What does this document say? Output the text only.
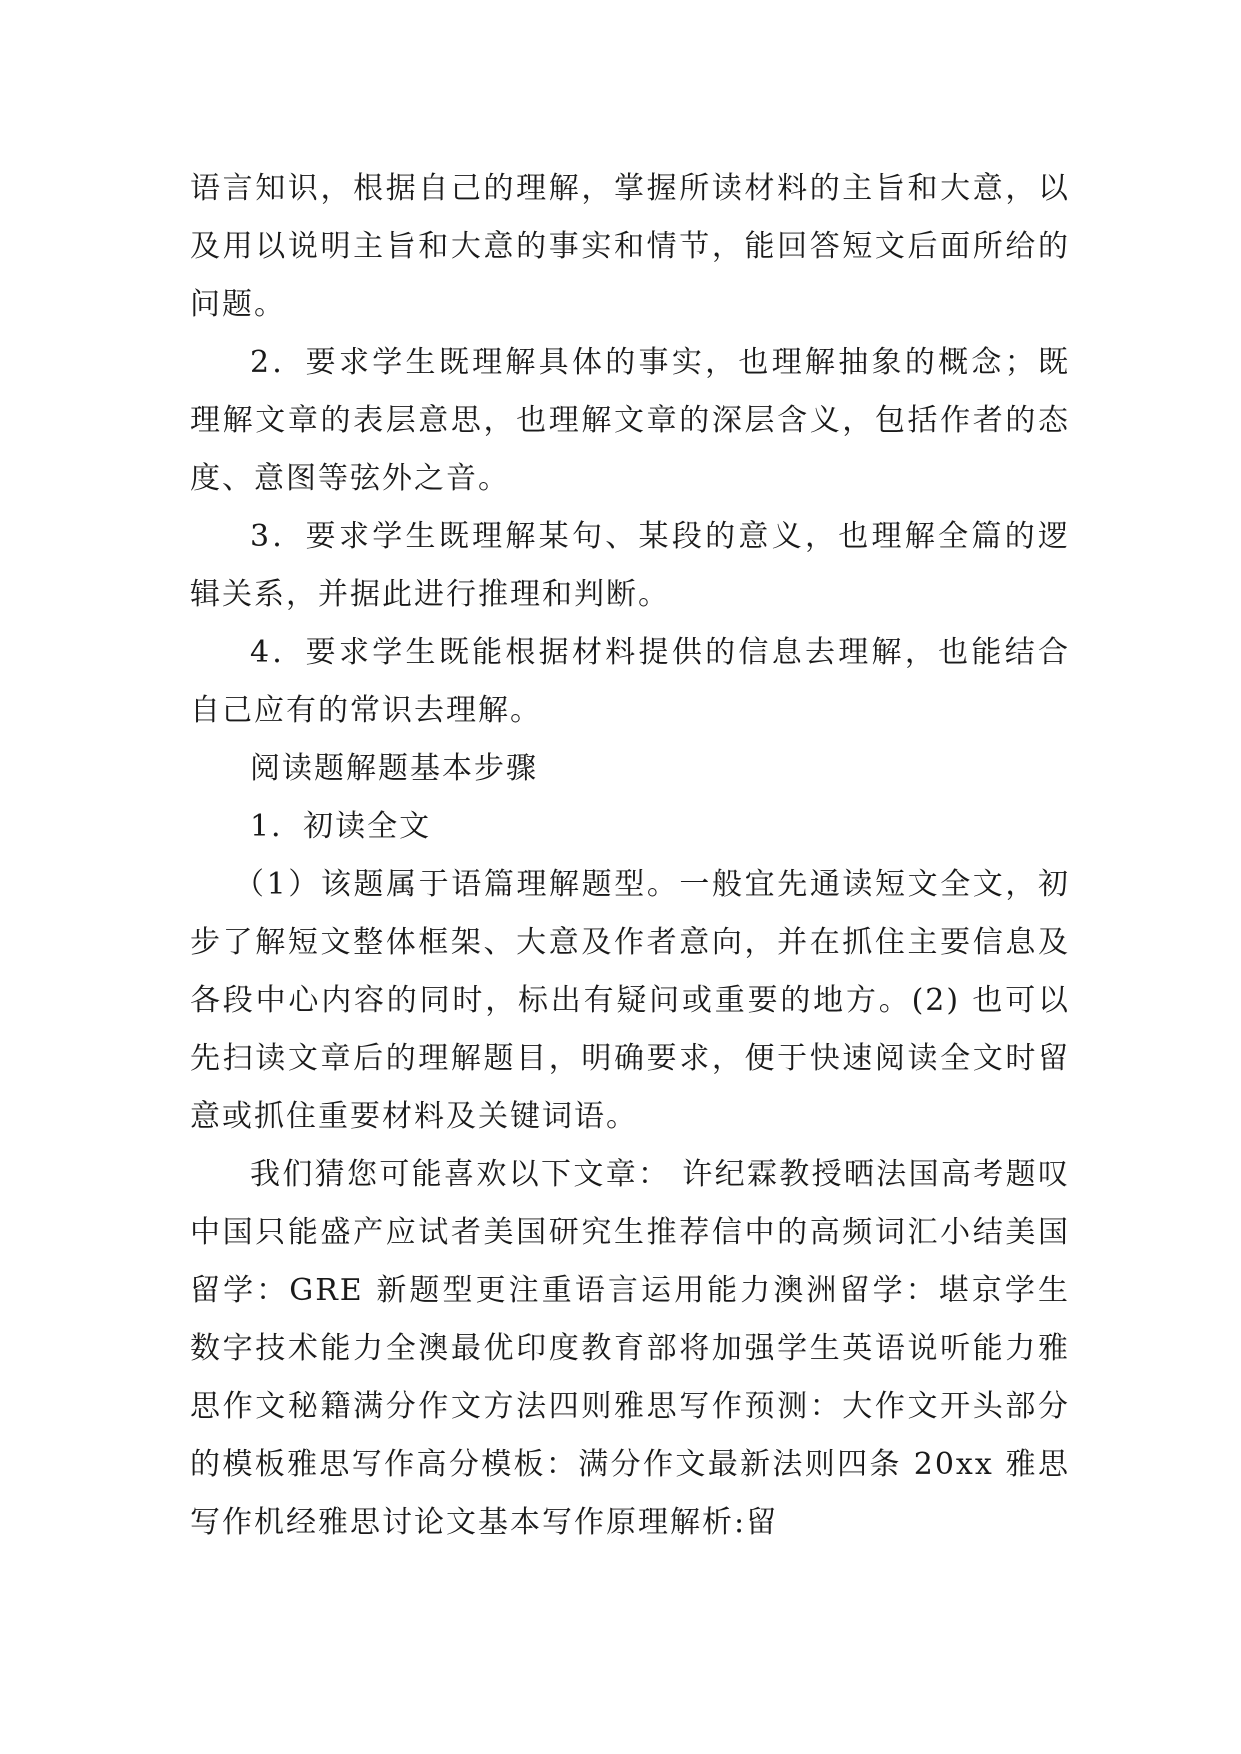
语言知识，根据自己的理解，掌握所读材料的主旨和大意，以及用以说明主旨和大意的事实和情节，能回答短文后面所给的问题。

2．要求学生既理解具体的事实，也理解抽象的概念；既理解文章的表层意思，也理解文章的深层含义，包括作者的态度、意图等弦外之音。

3．要求学生既理解某句、某段的意义，也理解全篇的逻辑关系，并据此进行推理和判断。

4．要求学生既能根据材料提供的信息去理解，也能结合自己应有的常识去理解。

阅读题解题基本步骤

1．初读全文

（1）该题属于语篇理解题型。一般宜先通读短文全文，初步了解短文整体框架、大意及作者意向，并在抓住主要信息及各段中心内容的同时，标出有疑问或重要的地方。(2) 也可以先扫读文章后的理解题目，明确要求，便于快速阅读全文时留意或抓住重要材料及关键词语。

我们猜您可能喜欢以下文章： 许纪霖教授晒法国高考题叹中国只能盛产应试者美国研究生推荐信中的高频词汇小结美国留学：GRE 新题型更注重语言运用能力澳洲留学：堪京学生数字技术能力全澳最优印度教育部将加强学生英语说听能力雅思作文秘籍满分作文方法四则雅思写作预测：大作文开头部分的模板雅思写作高分模板：满分作文最新法则四条 20xx 雅思写作机经雅思讨论文基本写作原理解析:留
